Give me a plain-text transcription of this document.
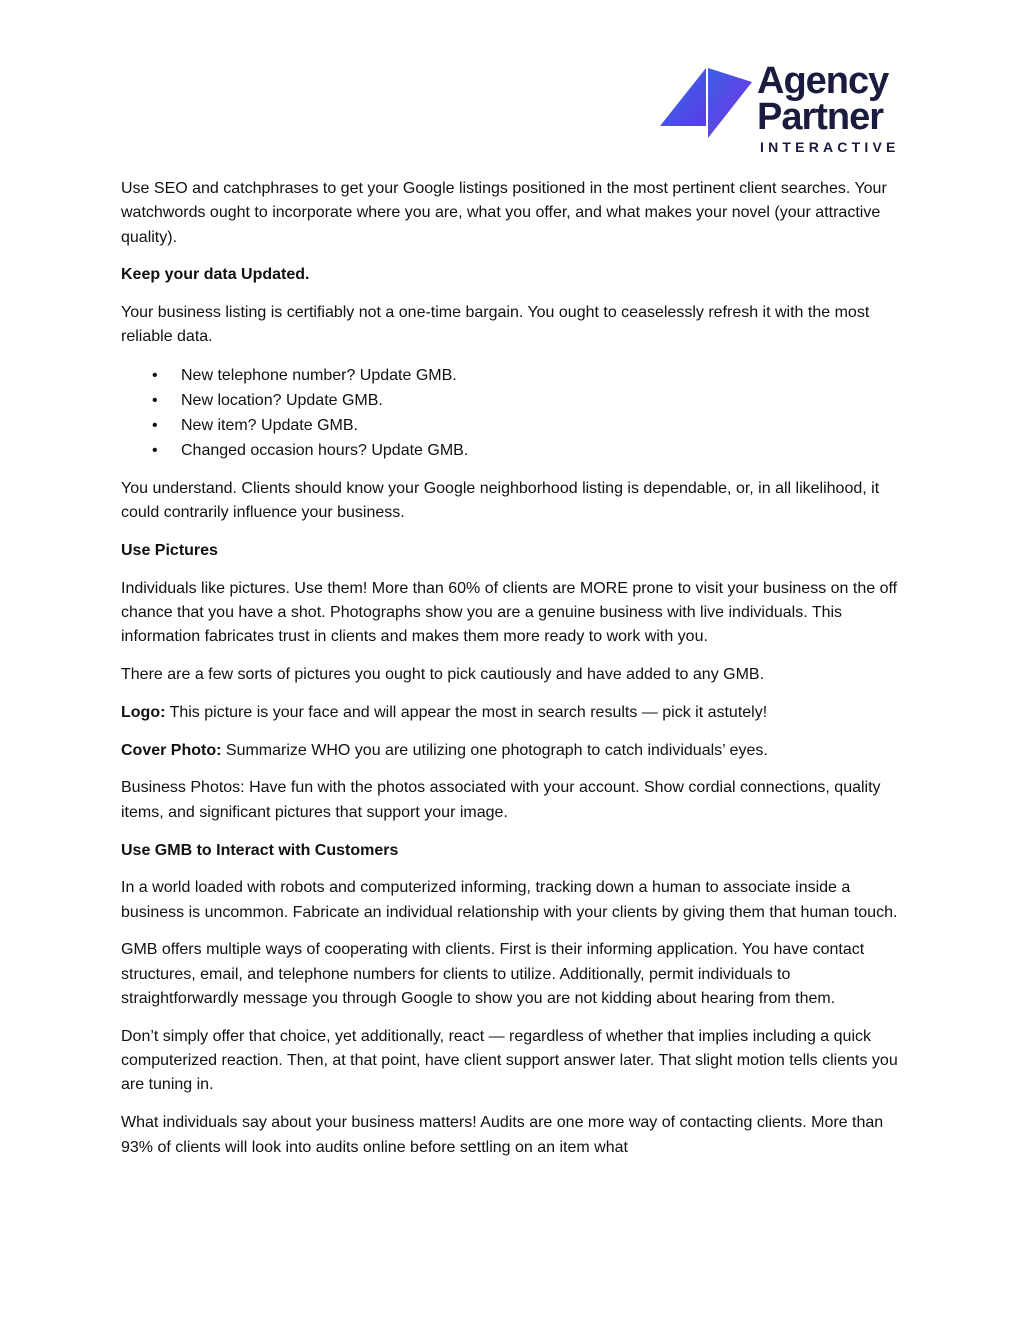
Agency
Partner
INTERACTIVE

Use SEO and catchphrases to get your Google listings positioned in the most pertinent client searches. Your watchwords ought to incorporate where you are, what you offer, and what makes your novel (your attractive quality).

Keep your data Updated.

Your business listing is certifiably not a one-time bargain. You ought to ceaselessly refresh it with the most reliable data.

• New telephone number? Update GMB.
• New location? Update GMB.
• New item? Update GMB.
• Changed occasion hours? Update GMB.

You understand. Clients should know your Google neighborhood listing is dependable, or, in all likelihood, it could contrarily influence your business.

Use Pictures

Individuals like pictures. Use them! More than 60% of clients are MORE prone to visit your business on the off chance that you have a shot. Photographs show you are a genuine business with live individuals. This information fabricates trust in clients and makes them more ready to work with you.

There are a few sorts of pictures you ought to pick cautiously and have added to any GMB.

Logo: This picture is your face and will appear the most in search results — pick it astutely!

Cover Photo: Summarize WHO you are utilizing one photograph to catch individuals’ eyes.

Business Photos: Have fun with the photos associated with your account. Show cordial connections, quality items, and significant pictures that support your image.

Use GMB to Interact with Customers

In a world loaded with robots and computerized informing, tracking down a human to associate inside a business is uncommon. Fabricate an individual relationship with your clients by giving them that human touch.

GMB offers multiple ways of cooperating with clients. First is their informing application. You have contact structures, email, and telephone numbers for clients to utilize. Additionally, permit individuals to straightforwardly message you through Google to show you are not kidding about hearing from them.

Don’t simply offer that choice, yet additionally, react — regardless of whether that implies including a quick computerized reaction. Then, at that point, have client support answer later. That slight motion tells clients you are tuning in.

What individuals say about your business matters! Audits are one more way of contacting clients. More than 93% of clients will look into audits online before settling on an item what
